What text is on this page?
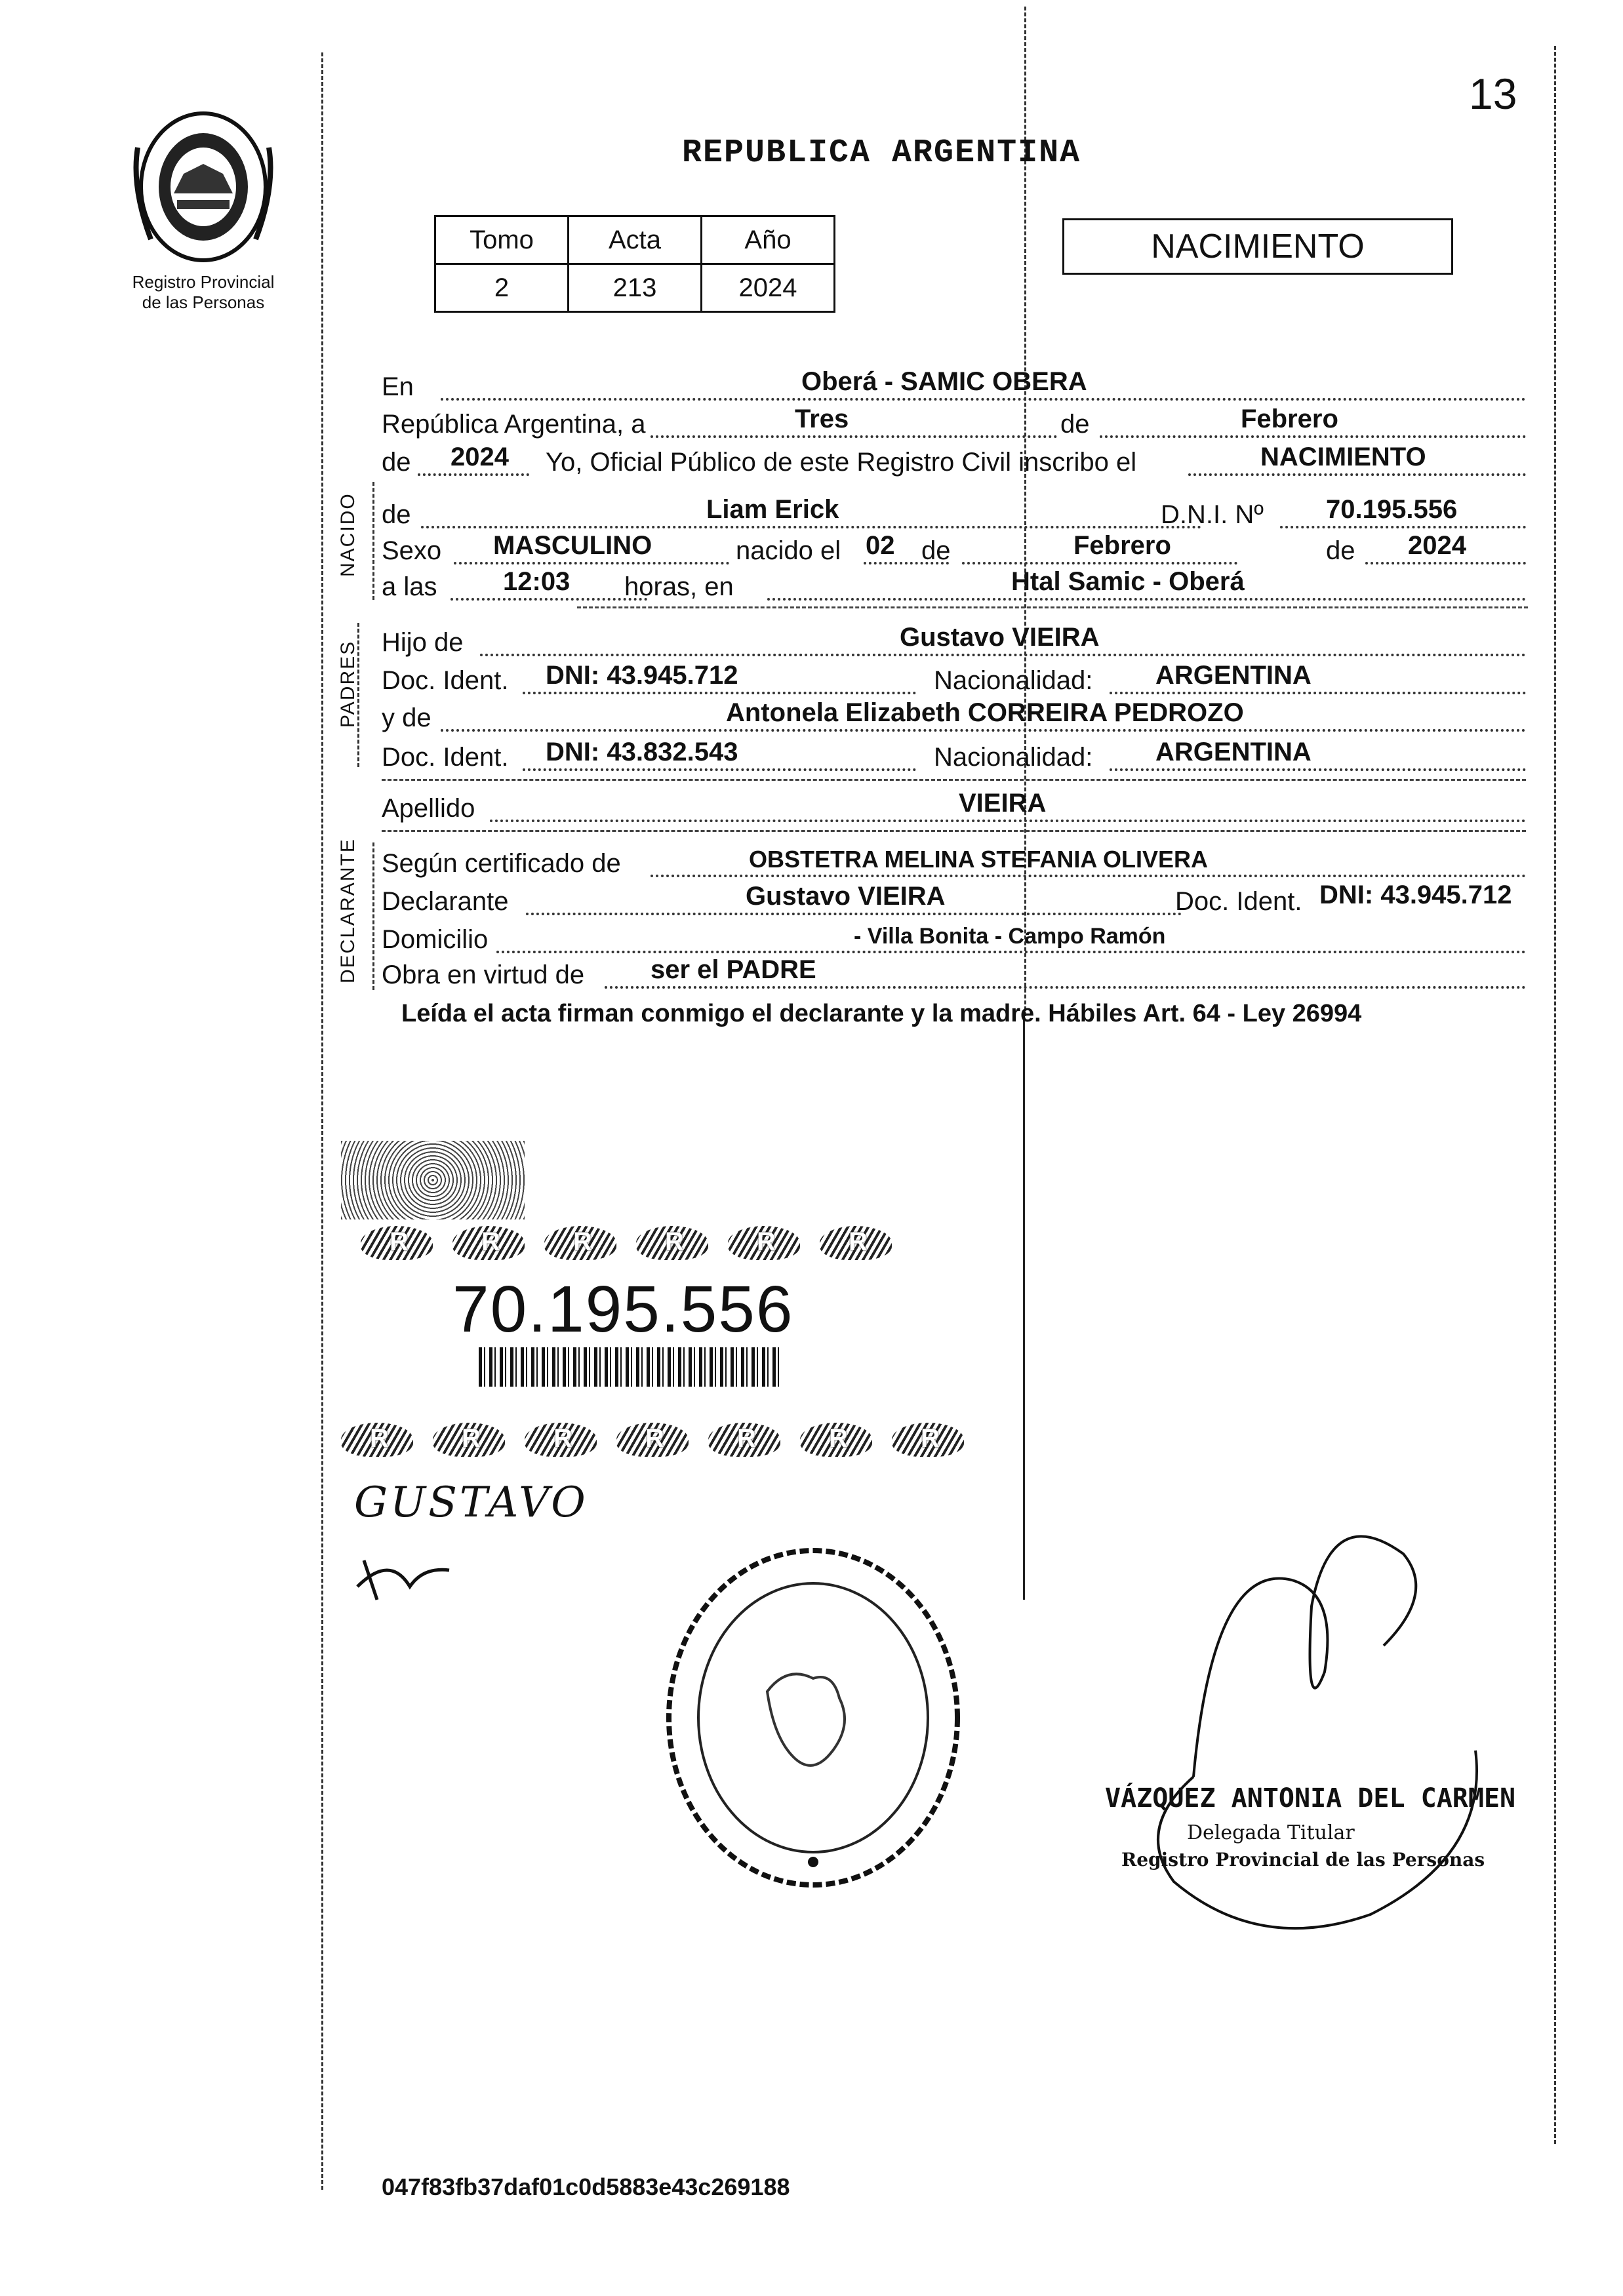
13
Registro Provincial
de las Personas
REPUBLICA ARGENTINA
Tomo	Acta	Año
2	213	2024
NACIMIENTO
NACIDO
PADRES
DECLARANTE
En	Oberá - SAMIC OBERA
República Argentina, a	Tres	de	Febrero
de 2024 Yo, Oficial Público de este Registro Civil inscribo el	NACIMIENTO
de	Liam Erick	D.N.I. Nº 70.195.556
Sexo MASCULINO	nacido el 02 de	Febrero	de 2024
a las	12:03 horas, en	Htal Samic - Oberá
Hijo de	Gustavo VIEIRA
Doc. Ident. DNI: 43.945.712	Nacionalidad: ARGENTINA
y de	Antonela Elizabeth CORREIRA PEDROZO
Doc. Ident. DNI: 43.832.543	Nacionalidad: ARGENTINA
Apellido	VIEIRA
Según certificado de	OBSTETRA MELINA STEFANIA OLIVERA
Declarante	Gustavo VIEIRA	Doc. Ident. DNI: 43.945.712
Domicilio	- Villa Bonita - Campo Ramón
Obra en virtud de	ser el PADRE
Leída el acta firman conmigo el declarante y la madre. Hábiles Art. 64 - Ley 26994
RRRRRR
70.195.556
RRRRRRR
GUSTAVO
VÁZQUEZ ANTONIA DEL CARMEN
Delegada Titular
Registro Provincial de las Personas
047f83fb37daf01c0d5883e43c269188
